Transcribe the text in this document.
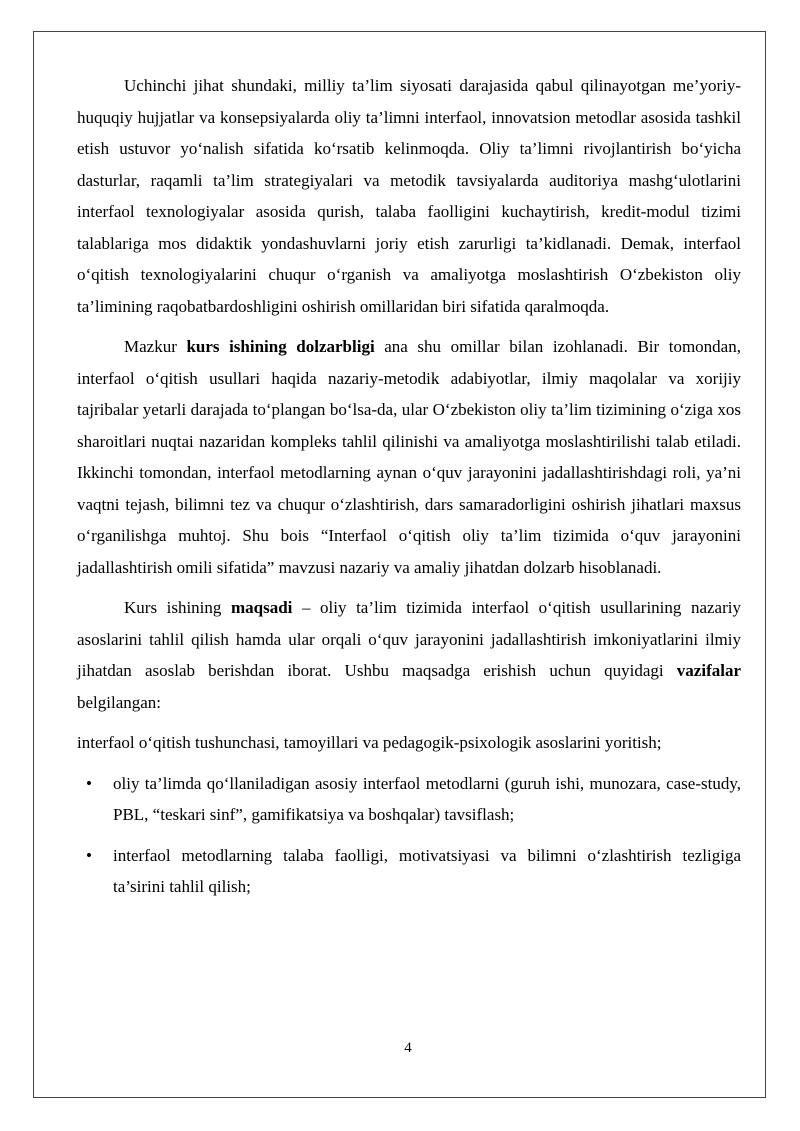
Uchinchi jihat shundaki, milliy ta’lim siyosati darajasida qabul qilinayotgan me’yoriy-huquqiy hujjatlar va konsepsiyalarda oliy ta’limni interfaol, innovatsion metodlar asosida tashkil etish ustuvor yo‘nalish sifatida ko‘rsatib kelinmoqda. Oliy ta’limni rivojlantirish bo‘yicha dasturlar, raqamli ta’lim strategiyalari va metodik tavsiyalarda auditoriya mashg‘ulotlarini interfaol texnologiyalar asosida qurish, talaba faolligini kuchaytirish, kredit-modul tizimi talablariga mos didaktik yondashuvlarni joriy etish zarurligi ta’kidlanadi. Demak, interfaol o‘qitish texnologiyalarini chuqur o‘rganish va amaliyotga moslashtirish O‘zbekiston oliy ta’limining raqobatbardoshligini oshirish omillaridan biri sifatida qaralmoqda.

Mazkur kurs ishining dolzarbligi ana shu omillar bilan izohlanadi. Bir tomondan, interfaol o‘qitish usullari haqida nazariy-metodik adabiyotlar, ilmiy maqolalar va xorijiy tajribalar yetarli darajada to‘plangan bo‘lsa-da, ular O‘zbekiston oliy ta’lim tizimining o‘ziga xos sharoitlari nuqtai nazaridan kompleks tahlil qilinishi va amaliyotga moslashtirilishi talab etiladi. Ikkinchi tomondan, interfaol metodlarning aynan o‘quv jarayonini jadallashtirishdagi roli, ya’ni vaqtni tejash, bilimni tez va chuqur o‘zlashtirish, dars samaradorligini oshirish jihatlari maxsus o‘rganilishga muhtoj. Shu bois “Interfaol o‘qitish oliy ta’lim tizimida o‘quv jarayonini jadallashtirish omili sifatida” mavzusi nazariy va amaliy jihatdan dolzarb hisoblanadi.

Kurs ishining maqsadi – oliy ta’lim tizimida interfaol o‘qitish usullarining nazariy asoslarini tahlil qilish hamda ular orqali o‘quv jarayonini jadallashtirish imkoniyatlarini ilmiy jihatdan asoslab berishdan iborat. Ushbu maqsadga erishish uchun quyidagi vazifalar belgilangan:

interfaol o‘qitish tushunchasi, tamoyillari va pedagogik-psixologik asoslarini yoritish;

• oliy ta’limda qo‘llaniladigan asosiy interfaol metodlarni (guruh ishi, munozara, case-study, PBL, “teskari sinf”, gamifikatsiya va boshqalar) tavsiflash;
• interfaol metodlarning talaba faolligi, motivatsiyasi va bilimni o‘zlashtirish tezligiga ta’sirini tahlil qilish;
4
